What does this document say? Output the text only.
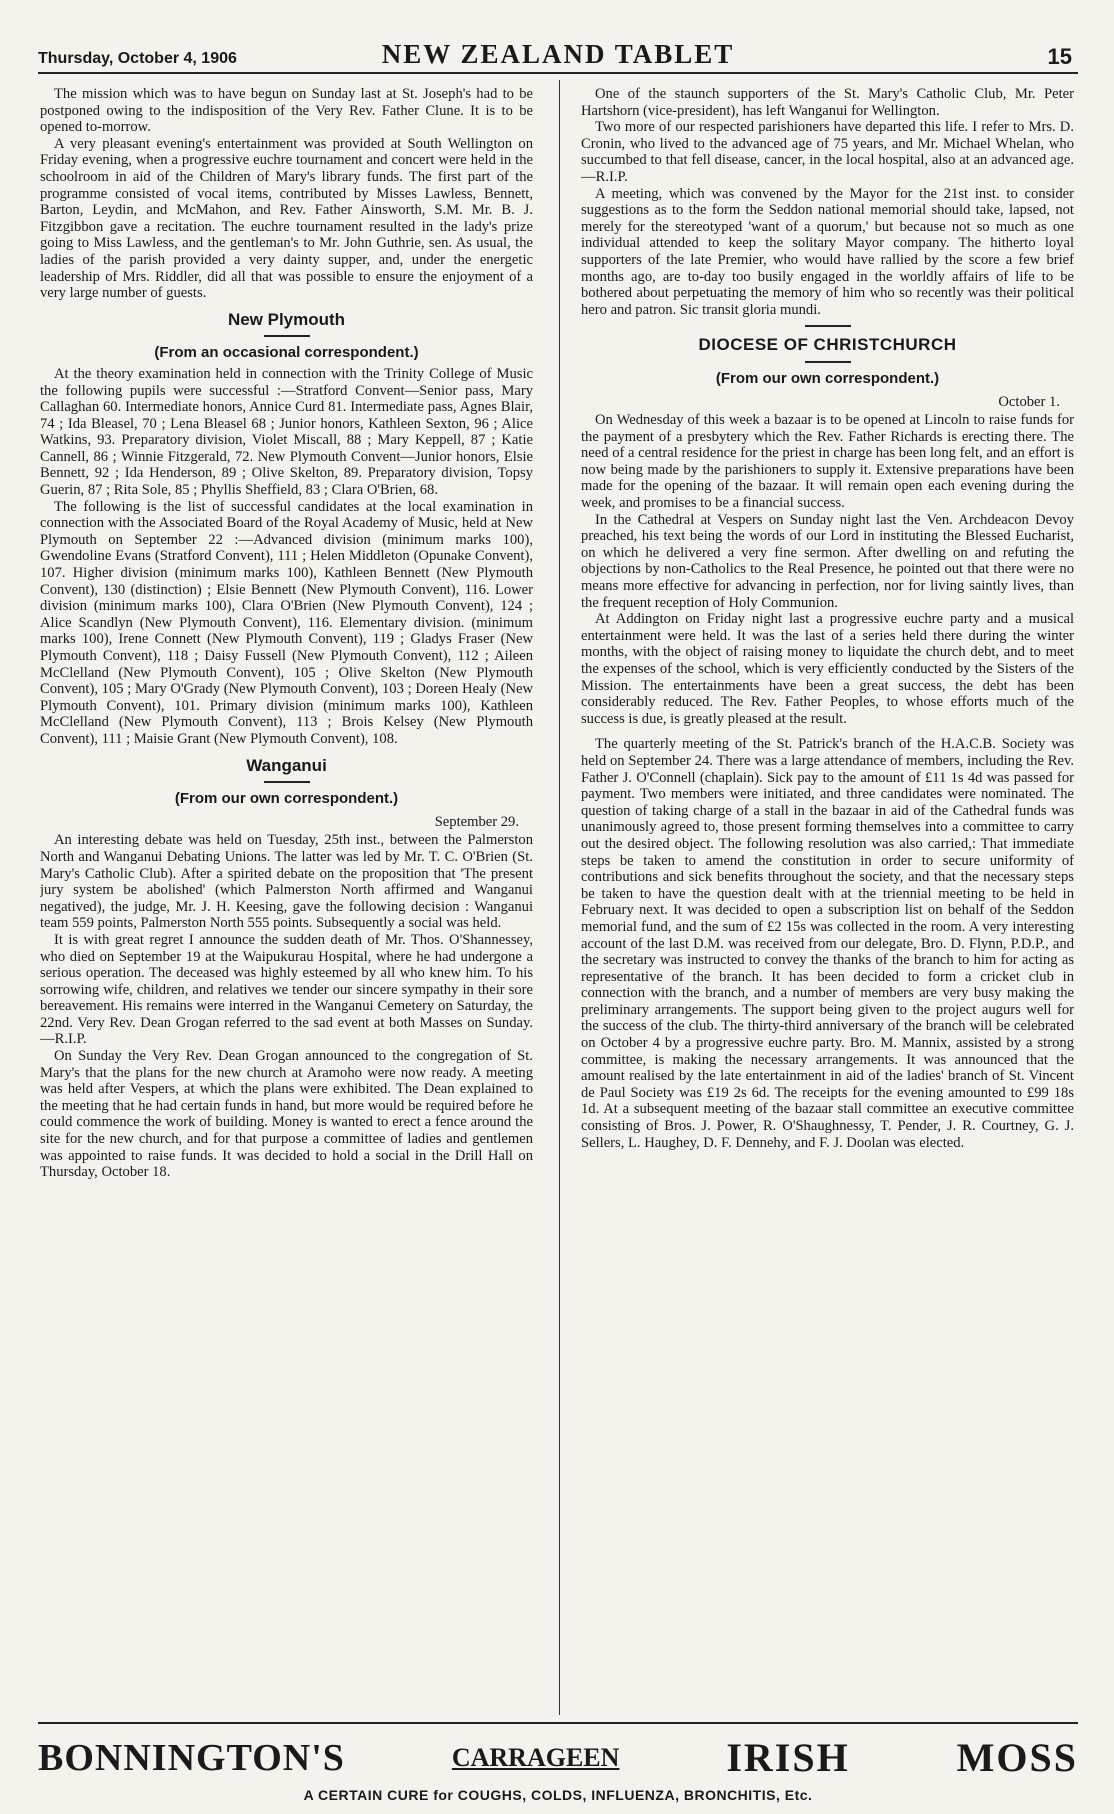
Thursday, October 4, 1906	NEW ZEALAND TABLET	15

The mission which was to have begun on Sunday last at St. Joseph's had to be postponed owing to the indisposition of the Very Rev. Father Clune. It is to be opened to-morrow.

A very pleasant evening's entertainment was provided at South Wellington on Friday evening, when a progressive euchre tournament and concert were held in the schoolroom in aid of the Children of Mary's library funds. The first part of the programme consisted of vocal items, contributed by Misses Lawless, Bennett, Barton, Leydin, and McMahon, and Rev. Father Ainsworth, S.M. Mr. B. J. Fitzgibbon gave a recitation. The euchre tournament resulted in the lady's prize going to Miss Lawless, and the gentleman's to Mr. John Guthrie, sen. As usual, the ladies of the parish provided a very dainty supper, and, under the energetic leadership of Mrs. Riddler, did all that was possible to ensure the enjoyment of a very large number of guests.

New Plymouth
(From an occasional correspondent.)

At the theory examination held in connection with the Trinity College of Music the following pupils were successful :—Stratford Convent—Senior pass, Mary Callaghan 60. Intermediate honors, Annice Curd 81. Intermediate pass, Agnes Blair, 74 ; Ida Bleasel, 70 ; Lena Bleasel 68 ; Junior honors, Kathleen Sexton, 96 ; Alice Watkins, 93. Preparatory division, Violet Miscall, 88 ; Mary Keppell, 87 ; Katie Cannell, 86 ; Winnie Fitzgerald, 72. New Plymouth Convent—Junior honors, Elsie Bennett, 92 ; Ida Henderson, 89 ; Olive Skelton, 89. Preparatory division, Topsy Guerin, 87 ; Rita Sole, 85 ; Phyllis Sheffield, 83 ; Clara O'Brien, 68.

The following is the list of successful candidates at the local examination in connection with the Associated Board of the Royal Academy of Music, held at New Plymouth on September 22 :—Advanced division (minimum marks 100), Gwendoline Evans (Stratford Convent), 111 ; Helen Middleton (Opunake Convent), 107. Higher division (minimum marks 100), Kathleen Bennett (New Plymouth Convent), 130 (distinction) ; Elsie Bennett (New Plymouth Convent), 116. Lower division (minimum marks 100), Clara O'Brien (New Plymouth Convent), 124 ; Alice Scandlyn (New Plymouth Convent), 116. Elementary division. (minimum marks 100), Irene Connett (New Plymouth Convent), 119 ; Gladys Fraser (New Plymouth Convent), 118 ; Daisy Fussell (New Plymouth Convent), 112 ; Aileen McClelland (New Plymouth Convent), 105 ; Olive Skelton (New Plymouth Convent), 105 ; Mary O'Grady (New Plymouth Convent), 103 ; Doreen Healy (New Plymouth Convent), 101. Primary division (minimum marks 100), Kathleen McClelland (New Plymouth Convent), 113 ; Brois Kelsey (New Plymouth Convent), 111 ; Maisie Grant (New Plymouth Convent), 108.

Wanganui
(From our own correspondent.)
September 29.

An interesting debate was held on Tuesday, 25th inst., between the Palmerston North and Wanganui Debating Unions. The latter was led by Mr. T. C. O'Brien (St. Mary's Catholic Club). After a spirited debate on the proposition that 'The present jury system be abolished' (which Palmerston North affirmed and Wanganui negatived), the judge, Mr. J. H. Keesing, gave the following decision : Wanganui team 559 points, Palmerston North 555 points. Subsequently a social was held.

It is with great regret I announce the sudden death of Mr. Thos. O'Shannessey, who died on September 19 at the Waipukurau Hospital, where he had undergone a serious operation. The deceased was highly esteemed by all who knew him. To his sorrowing wife, children, and relatives we tender our sincere sympathy in their sore bereavement. His remains were interred in the Wanganui Cemetery on Saturday, the 22nd. Very Rev. Dean Grogan referred to the sad event at both Masses on Sunday.—R.I.P.

On Sunday the Very Rev. Dean Grogan announced to the congregation of St. Mary's that the plans for the new church at Aramoho were now ready. A meeting was held after Vespers, at which the plans were exhibited. The Dean explained to the meeting that he had certain funds in hand, but more would be required before he could commence the work of building. Money is wanted to erect a fence around the site for the new church, and for that purpose a committee of ladies and gentlemen was appointed to raise funds. It was decided to hold a social in the Drill Hall on Thursday, October 18.

One of the staunch supporters of the St. Mary's Catholic Club, Mr. Peter Hartshorn (vice-president), has left Wanganui for Wellington.

Two more of our respected parishioners have departed this life. I refer to Mrs. D. Cronin, who lived to the advanced age of 75 years, and Mr. Michael Whelan, who succumbed to that fell disease, cancer, in the local hospital, also at an advanced age.—R.I.P.

A meeting, which was convened by the Mayor for the 21st inst. to consider suggestions as to the form the Seddon national memorial should take, lapsed, not merely for the stereotyped 'want of a quorum,' but because not so much as one individual attended to keep the solitary Mayor company. The hitherto loyal supporters of the late Premier, who would have rallied by the score a few brief months ago, are to-day too busily engaged in the worldly affairs of life to be bothered about perpetuating the memory of him who so recently was their political hero and patron. Sic transit gloria mundi.

DIOCESE OF CHRISTCHURCH
(From our own correspondent.)
October 1.

On Wednesday of this week a bazaar is to be opened at Lincoln to raise funds for the payment of a presbytery which the Rev. Father Richards is erecting there. The need of a central residence for the priest in charge has been long felt, and an effort is now being made by the parishioners to supply it. Extensive preparations have been made for the opening of the bazaar. It will remain open each evening during the week, and promises to be a financial success.

In the Cathedral at Vespers on Sunday night last the Ven. Archdeacon Devoy preached, his text being the words of our Lord in instituting the Blessed Eucharist, on which he delivered a very fine sermon. After dwelling on and refuting the objections by non-Catholics to the Real Presence, he pointed out that there were no means more effective for advancing in perfection, nor for living saintly lives, than the frequent reception of Holy Communion.

At Addington on Friday night last a progressive euchre party and a musical entertainment were held. It was the last of a series held there during the winter months, with the object of raising money to liquidate the church debt, and to meet the expenses of the school, which is very efficiently conducted by the Sisters of the Mission. The entertainments have been a great success, the debt has been considerably reduced. The Rev. Father Peoples, to whose efforts much of the success is due, is greatly pleased at the result.

The quarterly meeting of the St. Patrick's branch of the H.A.C.B. Society was held on September 24. There was a large attendance of members, including the Rev. Father J. O'Connell (chaplain). Sick pay to the amount of £11 1s 4d was passed for payment. Two members were initiated, and three candidates were nominated. The question of taking charge of a stall in the bazaar in aid of the Cathedral funds was unanimously agreed to, those present forming themselves into a committee to carry out the desired object. The following resolution was also carried,: That immediate steps be taken to amend the constitution in order to secure uniformity of contributions and sick benefits throughout the society, and that the necessary steps be taken to have the question dealt with at the triennial meeting to be held in February next. It was decided to open a subscription list on behalf of the Seddon memorial fund, and the sum of £2 15s was collected in the room. A very interesting account of the last D.M. was received from our delegate, Bro. D. Flynn, P.D.P., and the secretary was instructed to convey the thanks of the branch to him for acting as representative of the branch. It has been decided to form a cricket club in connection with the branch, and a number of members are very busy making the preliminary arrangements. The support being given to the project augurs well for the success of the club. The thirty-third anniversary of the branch will be celebrated on October 4 by a progressive euchre party. Bro. M. Mannix, assisted by a strong committee, is making the necessary arrangements. It was announced that the amount realised by the late entertainment in aid of the ladies' branch of St. Vincent de Paul Society was £19 2s 6d. The receipts for the evening amounted to £99 18s 1d. At a subsequent meeting of the bazaar stall committee an executive committee consisting of Bros. J. Power, R. O'Shaughnessy, T. Pender, J. R. Courtney, G. J. Sellers, L. Haughey, D. F. Dennehy, and F. J. Doolan was elected.

BONNINGTON'S	CARRAGEEN	IRISH	MOSS
A CERTAIN CURE for COUGHS, COLDS, INFLUENZA, BRONCHITIS, Etc.
